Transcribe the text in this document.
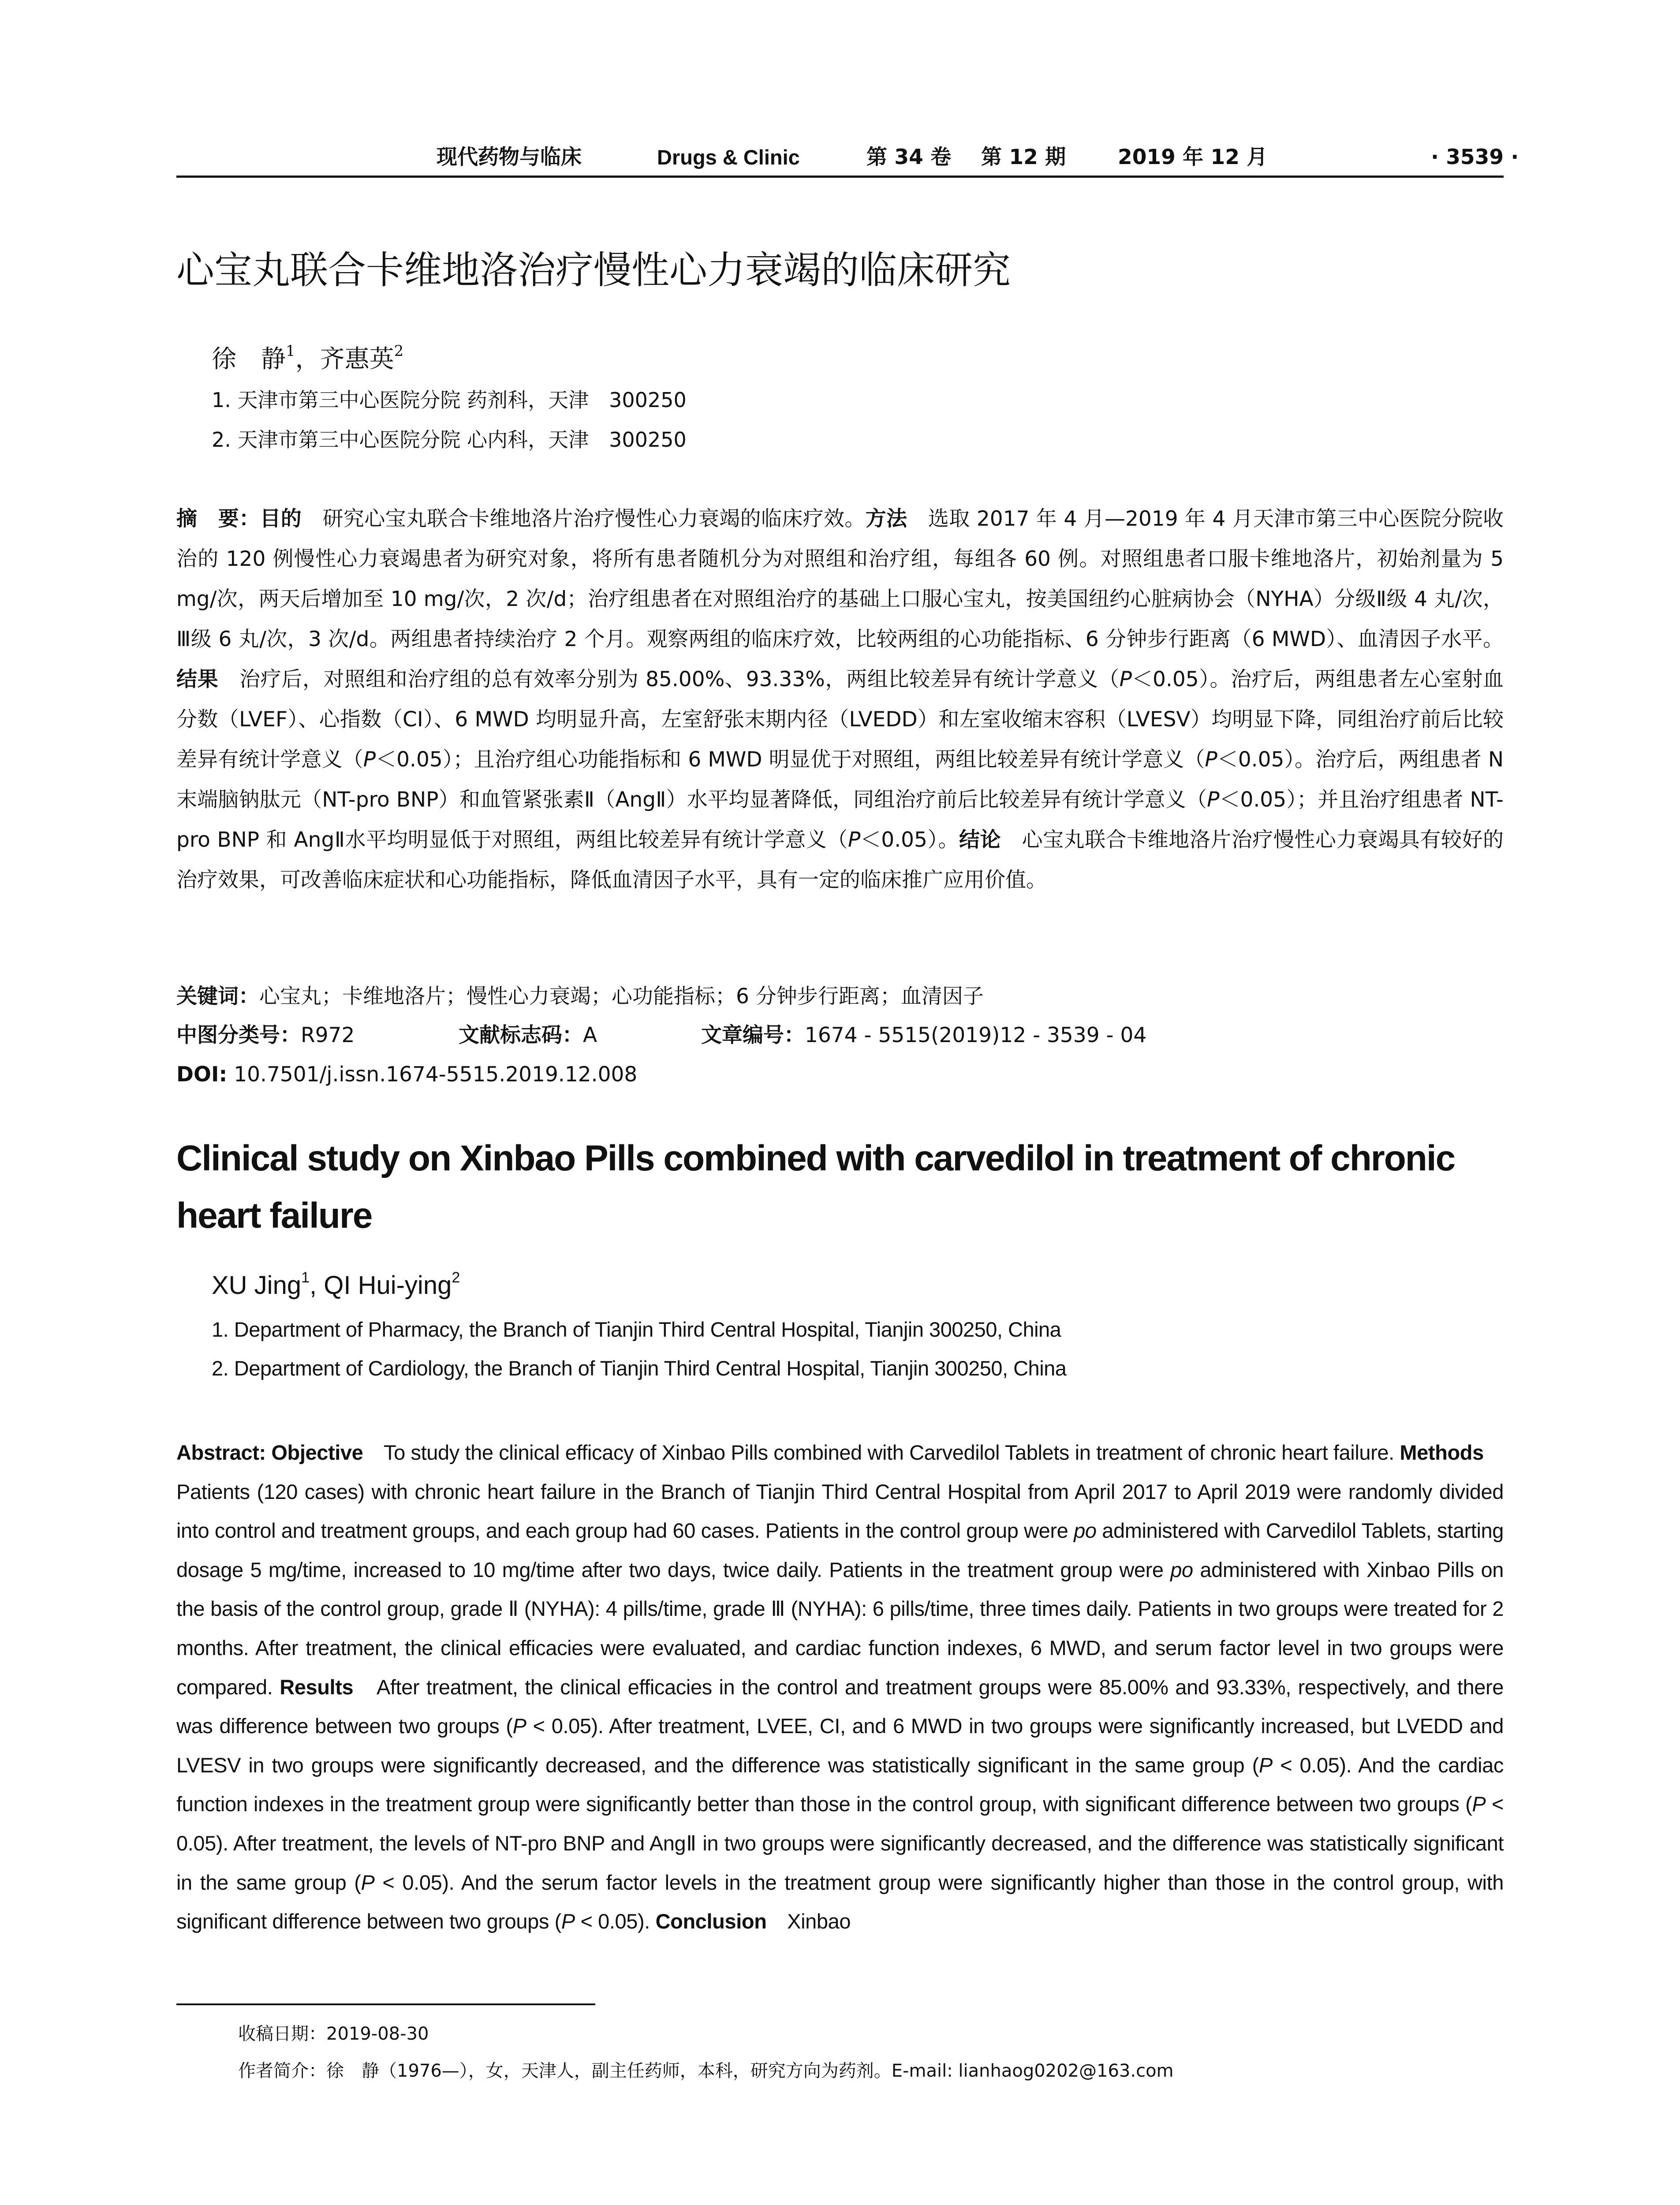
现代药物与临床	Drugs & Clinic	第 34 卷 第 12 期	2019 年 12 月	· 3539 ·
心宝丸联合卡维地洛治疗慢性心力衰竭的临床研究
徐　静$^1$，齐惠英$^2$
1. 天津市第三中心医院分院 药剂科，天津　300250
2. 天津市第三中心医院分院 心内科，天津　300250
摘　要：目的　研究心宝丸联合卡维地洛片治疗慢性心力衰竭的临床疗效。方法　选取 2017 年 4 月—2019 年 4 月天津市第三中心医院分院收治的 120 例慢性心力衰竭患者为研究对象，将所有患者随机分为对照组和治疗组，每组各 60 例。对照组患者口服卡维地洛片，初始剂量为 5 mg/次，两天后增加至 10 mg/次，2 次/d；治疗组患者在对照组治疗的基础上口服心宝丸，按美国纽约心脏病协会（NYHA）分级Ⅱ级 4 丸/次，Ⅲ级 6 丸/次，3 次/d。两组患者持续治疗 2 个月。观察两组的临床疗效，比较两组的心功能指标、6 分钟步行距离（6 MWD）、血清因子水平。结果　治疗后，对照组和治疗组的总有效率分别为 85.00%、93.33%，两组比较差异有统计学意义（P＜0.05）。治疗后，两组患者左心室射血分数（LVEF）、心指数（CI）、6 MWD 均明显升高，左室舒张末期内径（LVEDD）和左室收缩末容积（LVESV）均明显下降，同组治疗前后比较差异有统计学意义（P＜0.05）；且治疗组心功能指标和 6 MWD 明显优于对照组，两组比较差异有统计学意义（P＜0.05）。治疗后，两组患者 N 末端脑钠肽元（NT-pro BNP）和血管紧张素Ⅱ（AngⅡ）水平均显著降低，同组治疗前后比较差异有统计学意义（P＜0.05）；并且治疗组患者 NT-pro BNP 和 AngⅡ水平均明显低于对照组，两组比较差异有统计学意义（P＜0.05）。结论　心宝丸联合卡维地洛片治疗慢性心力衰竭具有较好的治疗效果，可改善临床症状和心功能指标，降低血清因子水平，具有一定的临床推广应用价值。
关键词：心宝丸；卡维地洛片；慢性心力衰竭；心功能指标；6 分钟步行距离；血清因子
中图分类号：R972	文献标志码：A	文章编号：1674 - 5515(2019)12 - 3539 - 04
DOI: 10.7501/j.issn.1674-5515.2019.12.008
Clinical study on Xinbao Pills combined with carvedilol in treatment of chronic heart failure
XU Jing$^1$, QI Hui-ying$^2$
1. Department of Pharmacy, the Branch of Tianjin Third Central Hospital, Tianjin 300250, China
2. Department of Cardiology, the Branch of Tianjin Third Central Hospital, Tianjin 300250, China
Abstract: Objective　To study the clinical efficacy of Xinbao Pills combined with Carvedilol Tablets in treatment of chronic heart failure. Methods　Patients (120 cases) with chronic heart failure in the Branch of Tianjin Third Central Hospital from April 2017 to April 2019 were randomly divided into control and treatment groups, and each group had 60 cases. Patients in the control group were po administered with Carvedilol Tablets, starting dosage 5 mg/time, increased to 10 mg/time after two days, twice daily. Patients in the treatment group were po administered with Xinbao Pills on the basis of the control group, grade Ⅱ (NYHA): 4 pills/time, grade Ⅲ (NYHA): 6 pills/time, three times daily. Patients in two groups were treated for 2 months. After treatment, the clinical efficacies were evaluated, and cardiac function indexes, 6 MWD, and serum factor level in two groups were compared. Results　After treatment, the clinical efficacies in the control and treatment groups were 85.00% and 93.33%, respectively, and there was difference between two groups (P < 0.05). After treatment, LVEE, CI, and 6 MWD in two groups were significantly increased, but LVEDD and LVESV in two groups were significantly decreased, and the difference was statistically significant in the same group (P < 0.05). And the cardiac function indexes in the treatment group were significantly better than those in the control group, with significant difference between two groups (P < 0.05). After treatment, the levels of NT-pro BNP and AngⅡ in two groups were significantly decreased, and the difference was statistically significant in the same group (P < 0.05). And the serum factor levels in the treatment group were significantly higher than those in the control group, with significant difference between two groups (P < 0.05). Conclusion　Xinbao
收稿日期：2019-08-30
作者简介：徐　静（1976—），女，天津人，副主任药师，本科，研究方向为药剂。E-mail: lianhaog0202@163.com
